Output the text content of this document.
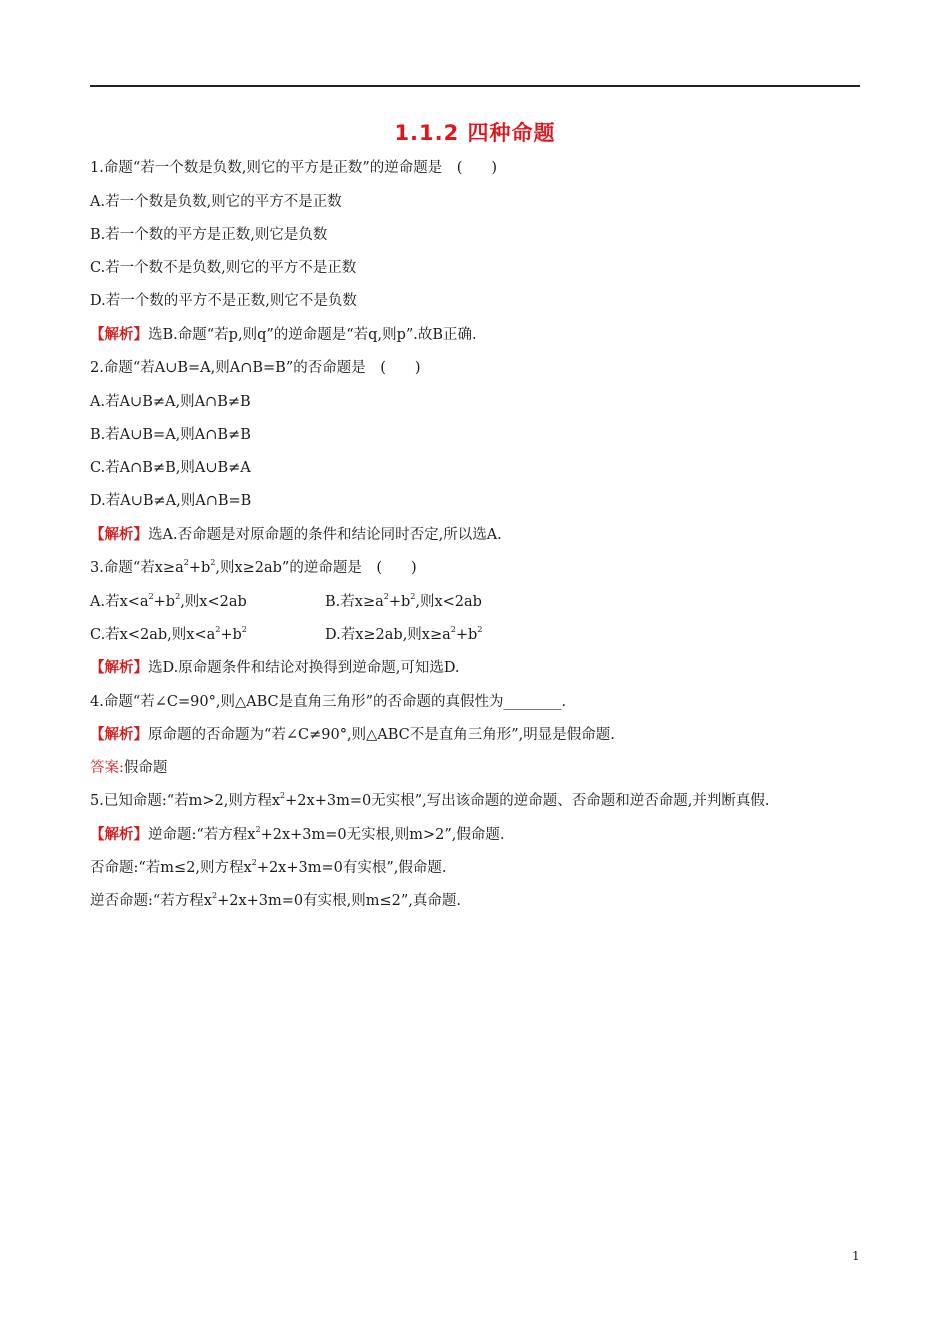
1.1.2 四种命题
1.命题“若一个数是负数,则它的平方是正数”的逆命题是　(　　)
A.若一个数是负数,则它的平方不是正数
B.若一个数的平方是正数,则它是负数
C.若一个数不是负数,则它的平方不是正数
D.若一个数的平方不是正数,则它不是负数
【解析】选B.命题“若p,则q”的逆命题是“若q,则p”.故B正确.
2.命题“若A∪B=A,则A∩B=B”的否命题是　(　　)
A.若A∪B≠A,则A∩B≠B
B.若A∪B=A,则A∩B≠B
C.若A∩B≠B,则A∪B≠A
D.若A∪B≠A,则A∩B=B
【解析】选A.否命题是对原命题的条件和结论同时否定,所以选A.
3.命题“若$x\ge a^2+b^2$,则x≥2ab”的逆命题是　(　　)
A.若$x<a^2+b^2$,则x<2ab	B.若$x\ge a^2+b^2$,则x<2ab
C.若x<2ab,则$x<a^2+b^2$	D.若x≥2ab,则$x\ge a^2+b^2$
【解析】选D.原命题条件和结论对换得到逆命题,可知选D.
4.命题“若∠C=90°,则△ABC是直角三角形”的否命题的真假性为________.
【解析】原命题的否命题为“若∠C≠90°,则△ABC不是直角三角形”,明显是假命题.
答案:假命题
5.已知命题:“若m>2,则方程$x^2+2x+3m=0$无实根”,写出该命题的逆命题、否命题和逆否命题,并判断真假.
【解析】逆命题:“若方程$x^2+2x+3m=0$无实根,则m>2”,假命题.
否命题:“若m≤2,则方程$x^2+2x+3m=0$有实根”,假命题.
逆否命题:“若方程$x^2+2x+3m=0$有实根,则m≤2”,真命题.
1
